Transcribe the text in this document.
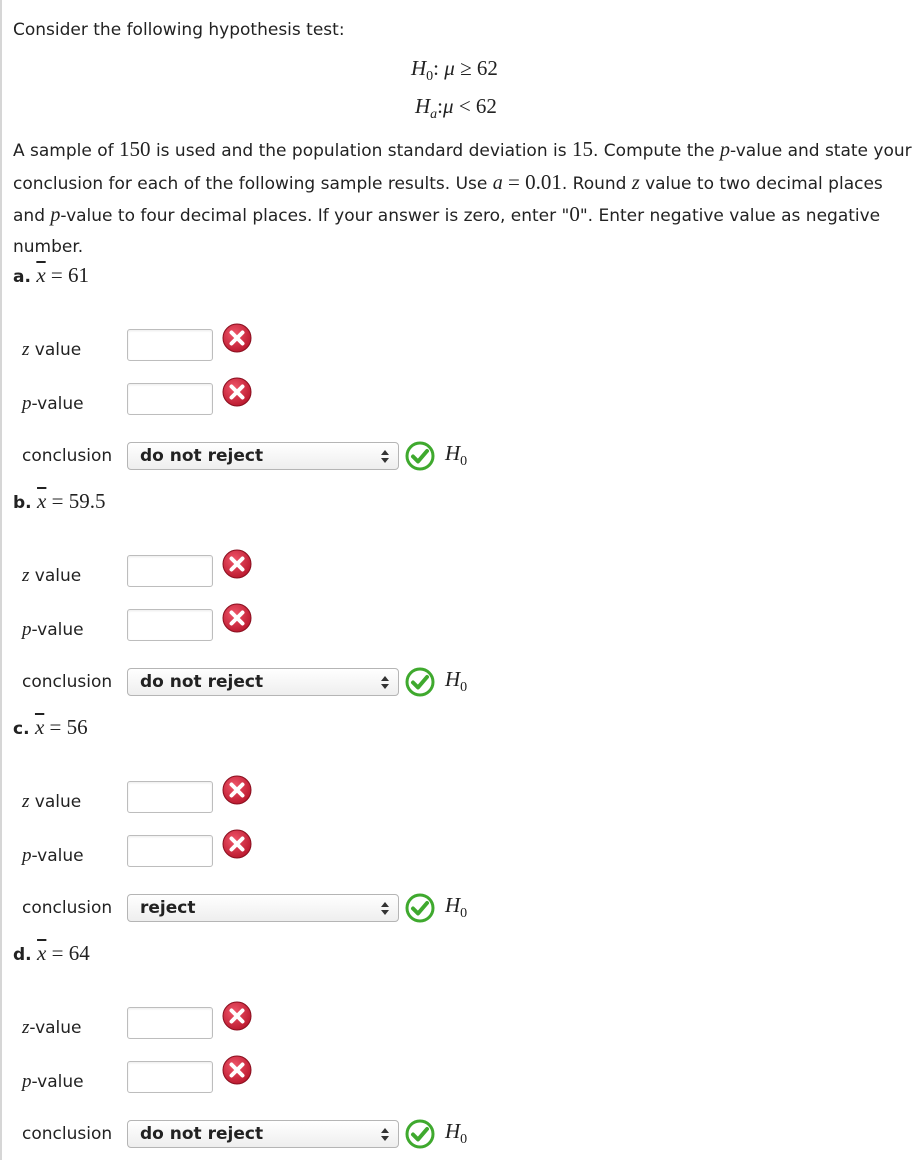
Consider the following hypothesis test:
$H_0$: μ ≥ 62
$H_a:\mu < 62$
A sample of 150 is used and the population standard deviation is 15. Compute the p-value and state your conclusion for each of the following sample results. Use a = 0.01. Round z value to two decimal places and p-value to four decimal places. If your answer is zero, enter "0". Enter negative value as negative number.
a. $\overline{x} = 61$
z value
p-value
conclusion	do not reject	$H_0$
b. $\overline{x} = 59.5$
z value
p-value
conclusion	do not reject	$H_0$
c. $\overline{x} = 56$
z value
p-value
conclusion	reject	$H_0$
d. $\overline{x} = 64$
z-value
p-value
conclusion	do not reject	$H_0$
